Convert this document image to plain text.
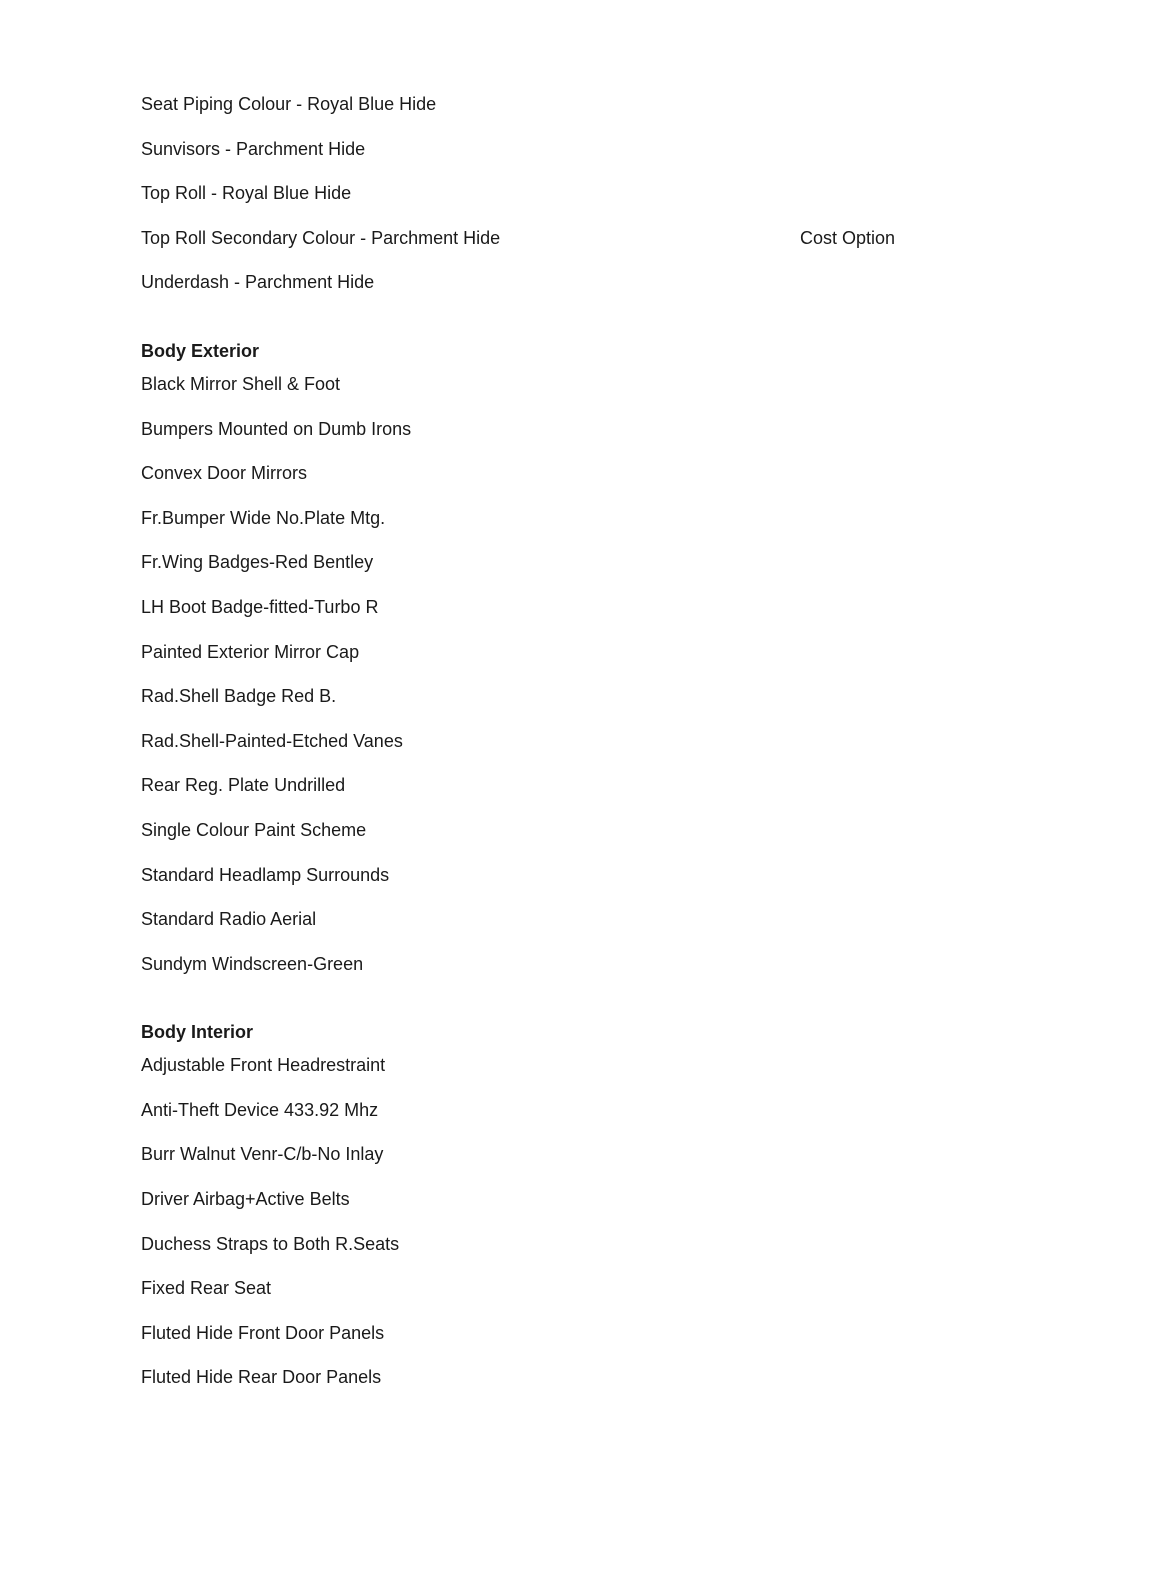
Seat Piping Colour - Royal Blue Hide
Sunvisors - Parchment Hide
Top Roll - Royal Blue Hide
Top Roll Secondary Colour - Parchment Hide	Cost Option
Underdash - Parchment Hide
Body Exterior
Black Mirror Shell & Foot
Bumpers Mounted on Dumb Irons
Convex Door Mirrors
Fr.Bumper Wide No.Plate Mtg.
Fr.Wing Badges-Red Bentley
LH Boot Badge-fitted-Turbo R
Painted Exterior Mirror Cap
Rad.Shell Badge Red B.
Rad.Shell-Painted-Etched Vanes
Rear Reg. Plate Undrilled
Single Colour Paint Scheme
Standard Headlamp Surrounds
Standard Radio Aerial
Sundym Windscreen-Green
Body Interior
Adjustable Front Headrestraint
Anti-Theft Device 433.92 Mhz
Burr Walnut Venr-C/b-No Inlay
Driver Airbag+Active Belts
Duchess Straps to Both R.Seats
Fixed Rear Seat
Fluted Hide Front Door Panels
Fluted Hide Rear Door Panels
